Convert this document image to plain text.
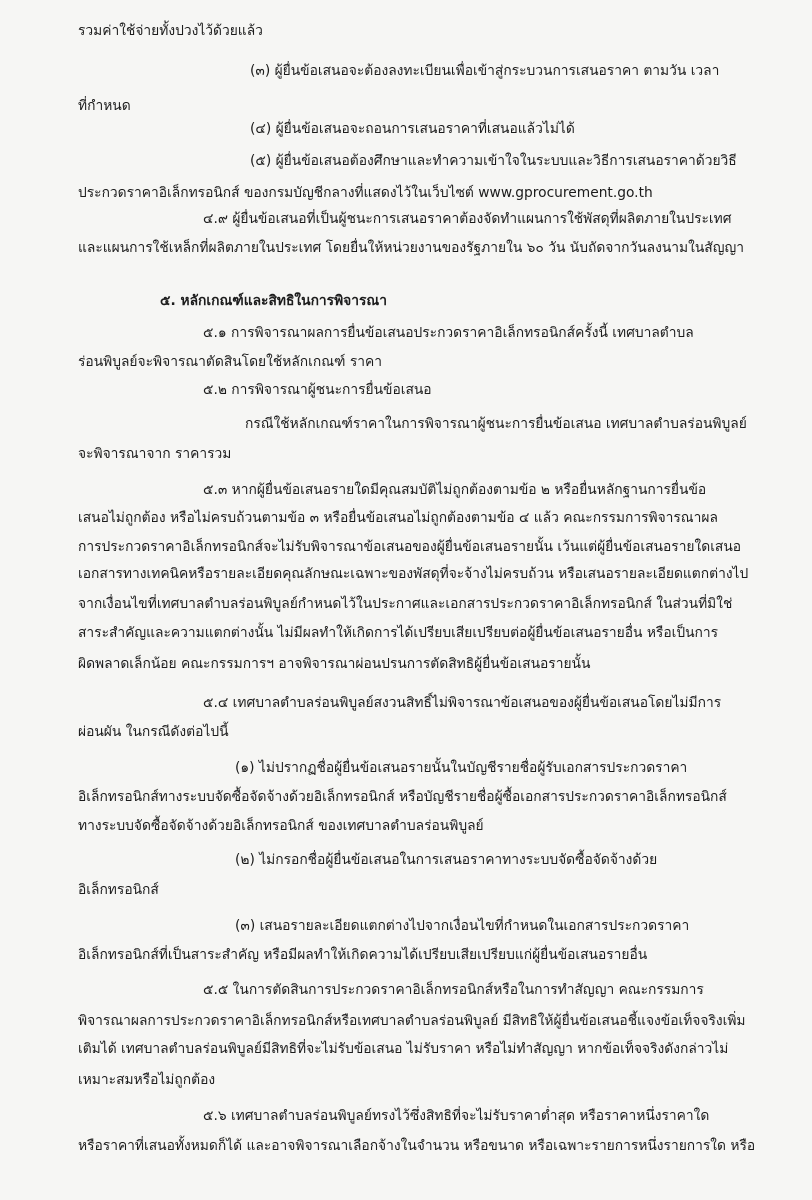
รวมค่าใช้จ่ายทั้งปวงไว้ด้วยแล้ว
(๓) ผู้ยื่นข้อเสนอจะต้องลงทะเบียนเพื่อเข้าสู่กระบวนการเสนอราคา ตามวัน เวลา
ที่กำหนด
(๔) ผู้ยื่นข้อเสนอจะถอนการเสนอราคาที่เสนอแล้วไม่ได้
(๕) ผู้ยื่นข้อเสนอต้องศึกษาและทำความเข้าใจในระบบและวิธีการเสนอราคาด้วยวิธี
ประกวดราคาอิเล็กทรอนิกส์ ของกรมบัญชีกลางที่แสดงไว้ในเว็บไซต์ www.gprocurement.go.th
๔.๙ ผู้ยื่นข้อเสนอที่เป็นผู้ชนะการเสนอราคาต้องจัดทำแผนการใช้พัสดุที่ผลิตภายในประเทศ
และแผนการใช้เหล็กที่ผลิตภายในประเทศ โดยยื่นให้หน่วยงานของรัฐภายใน ๖๐ วัน นับถัดจากวันลงนามในสัญญา
๕. หลักเกณฑ์และสิทธิในการพิจารณา
๕.๑ การพิจารณาผลการยื่นข้อเสนอประกวดราคาอิเล็กทรอนิกส์ครั้งนี้ เทศบาลตำบล
ร่อนพิบูลย์จะพิจารณาตัดสินโดยใช้หลักเกณฑ์ ราคา
๕.๒ การพิจารณาผู้ชนะการยื่นข้อเสนอ
กรณีใช้หลักเกณฑ์ราคาในการพิจารณาผู้ชนะการยื่นข้อเสนอ เทศบาลตำบลร่อนพิบูลย์
จะพิจารณาจาก ราคารวม
๕.๓ หากผู้ยื่นข้อเสนอรายใดมีคุณสมบัติไม่ถูกต้องตามข้อ ๒ หรือยื่นหลักฐานการยื่นข้อ
เสนอไม่ถูกต้อง หรือไม่ครบถ้วนตามข้อ ๓ หรือยื่นข้อเสนอไม่ถูกต้องตามข้อ ๔ แล้ว คณะกรรมการพิจารณาผล
การประกวดราคาอิเล็กทรอนิกส์จะไม่รับพิจารณาข้อเสนอของผู้ยื่นข้อเสนอรายนั้น เว้นแต่ผู้ยื่นข้อเสนอรายใดเสนอ
เอกสารทางเทคนิคหรือรายละเอียดคุณลักษณะเฉพาะของพัสดุที่จะจ้างไม่ครบถ้วน หรือเสนอรายละเอียดแตกต่างไป
จากเงื่อนไขที่เทศบาลตำบลร่อนพิบูลย์กำหนดไว้ในประกาศและเอกสารประกวดราคาอิเล็กทรอนิกส์ ในส่วนที่มิใช่
สาระสำคัญและความแตกต่างนั้น ไม่มีผลทำให้เกิดการได้เปรียบเสียเปรียบต่อผู้ยื่นข้อเสนอรายอื่น หรือเป็นการ
ผิดพลาดเล็กน้อย คณะกรรมการฯ อาจพิจารณาผ่อนปรนการตัดสิทธิผู้ยื่นข้อเสนอรายนั้น
๕.๔ เทศบาลตำบลร่อนพิบูลย์สงวนสิทธิ์ไม่พิจารณาข้อเสนอของผู้ยื่นข้อเสนอโดยไม่มีการ
ผ่อนผัน ในกรณีดังต่อไปนี้
(๑) ไม่ปรากฏชื่อผู้ยื่นข้อเสนอรายนั้นในบัญชีรายชื่อผู้รับเอกสารประกวดราคา
อิเล็กทรอนิกส์ทางระบบจัดซื้อจัดจ้างด้วยอิเล็กทรอนิกส์ หรือบัญชีรายชื่อผู้ซื้อเอกสารประกวดราคาอิเล็กทรอนิกส์
ทางระบบจัดซื้อจัดจ้างด้วยอิเล็กทรอนิกส์ ของเทศบาลตำบลร่อนพิบูลย์
(๒) ไม่กรอกชื่อผู้ยื่นข้อเสนอในการเสนอราคาทางระบบจัดซื้อจัดจ้างด้วย
อิเล็กทรอนิกส์
(๓) เสนอรายละเอียดแตกต่างไปจากเงื่อนไขที่กำหนดในเอกสารประกวดราคา
อิเล็กทรอนิกส์ที่เป็นสาระสำคัญ หรือมีผลทำให้เกิดความได้เปรียบเสียเปรียบแก่ผู้ยื่นข้อเสนอรายอื่น
๕.๕ ในการตัดสินการประกวดราคาอิเล็กทรอนิกส์หรือในการทำสัญญา คณะกรรมการ
พิจารณาผลการประกวดราคาอิเล็กทรอนิกส์หรือเทศบาลตำบลร่อนพิบูลย์ มีสิทธิให้ผู้ยื่นข้อเสนอชี้แจงข้อเท็จจริงเพิ่ม
เติมได้ เทศบาลตำบลร่อนพิบูลย์มีสิทธิที่จะไม่รับข้อเสนอ ไม่รับราคา หรือไม่ทำสัญญา หากข้อเท็จจริงดังกล่าวไม่
เหมาะสมหรือไม่ถูกต้อง
๕.๖ เทศบาลตำบลร่อนพิบูลย์ทรงไว้ซึ่งสิทธิที่จะไม่รับราคาต่ำสุด หรือราคาหนึ่งราคาใด
หรือราคาที่เสนอทั้งหมดก็ได้ และอาจพิจารณาเลือกจ้างในจำนวน หรือขนาด หรือเฉพาะรายการหนึ่งรายการใด หรือ
